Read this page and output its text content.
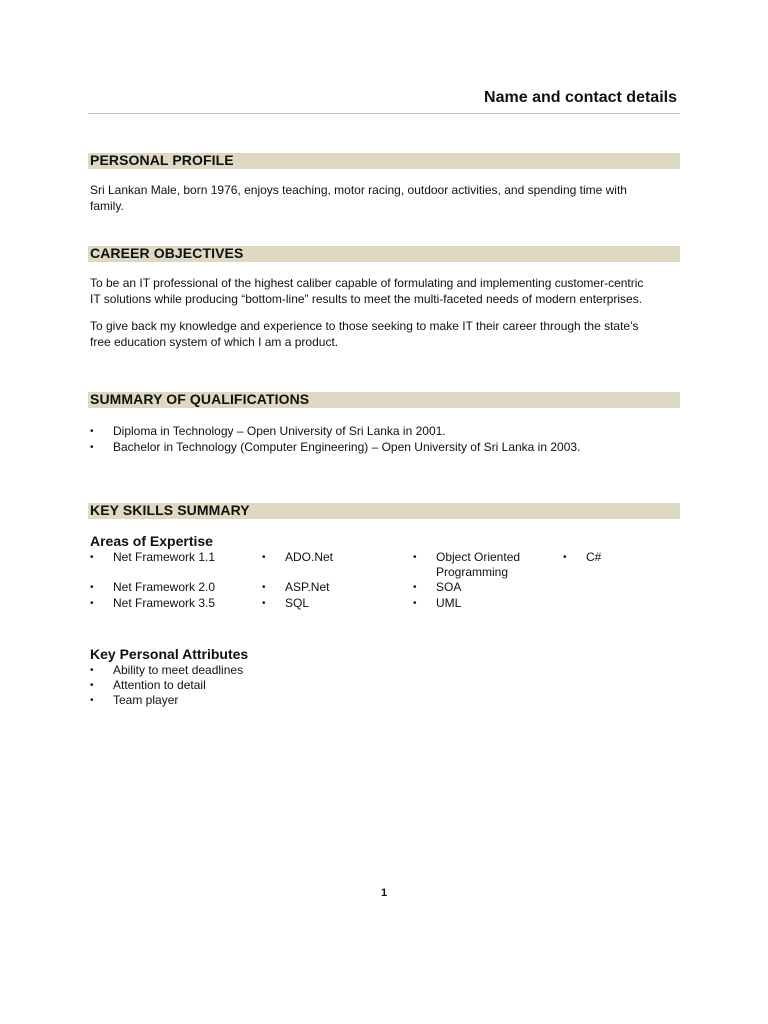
Name and contact details
PERSONAL PROFILE
Sri Lankan Male, born 1976, enjoys teaching, motor racing, outdoor activities, and spending time with
family.
CAREER OBJECTIVES
To be an IT professional of the highest caliber capable of formulating and implementing customer-centric
IT solutions while producing “bottom-line” results to meet the multi-faceted needs of modern enterprises.
To give back my knowledge and experience to those seeking to make IT their career through the state’s
free education system of which I am a product.
SUMMARY OF QUALIFICATIONS
• Diploma in Technology – Open University of Sri Lanka in 2001.
• Bachelor in Technology (Computer Engineering) – Open University of Sri Lanka in 2003.
KEY SKILLS SUMMARY
Areas of Expertise
• Net Framework 1.1
• Net Framework 2.0
• Net Framework 3.5
• ADO.Net
• ASP.Net
• SQL
• Object Oriented
Programming
• SOA
• UML
• C#
Key Personal Attributes
• Ability to meet deadlines
• Attention to detail
• Team player
1
